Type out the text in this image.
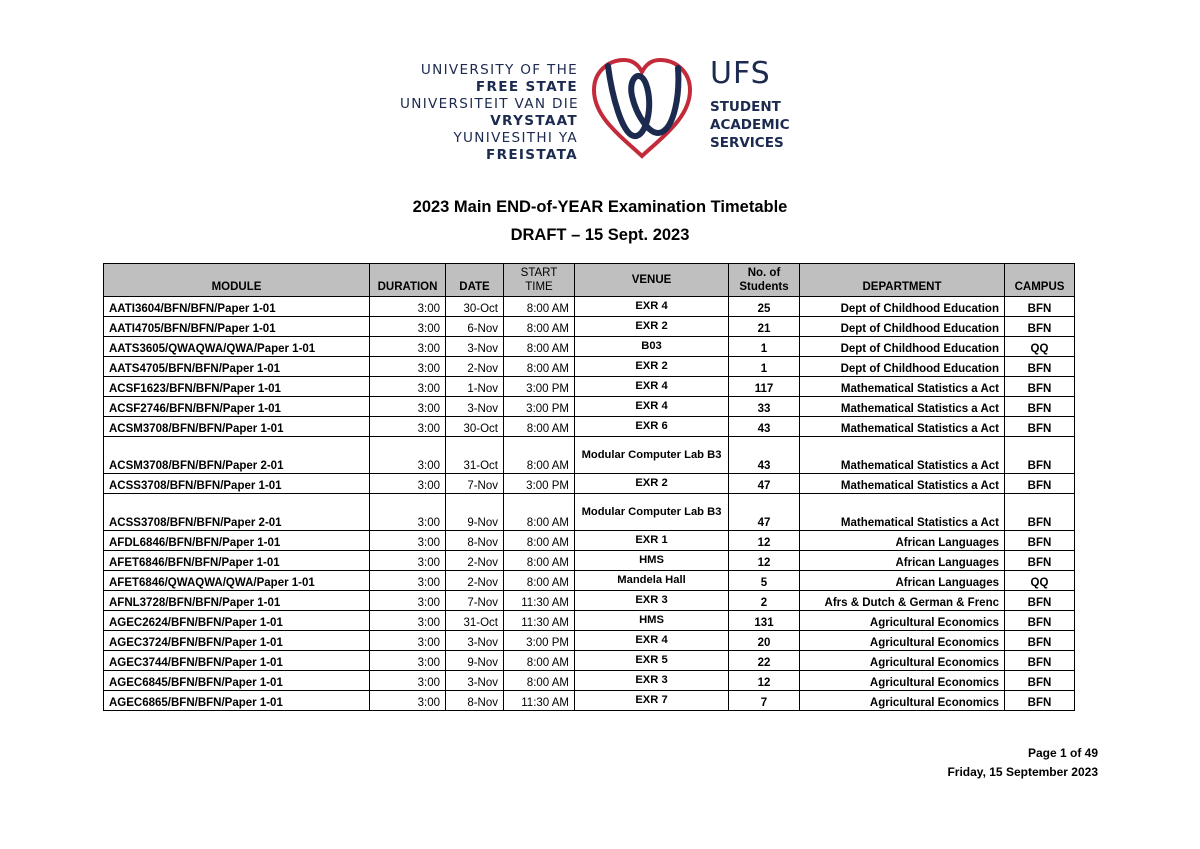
UNIVERSITY OF THE
FREE STATE
UNIVERSITEIT VAN DIE
VRYSTAAT
YUNIVESITHI YA
FREISTATA
UFS
STUDENT ACADEMIC
SERVICES
2023 Main END-of-YEAR Examination Timetable
DRAFT – 15 Sept. 2023
MODULE	DURATION	DATE	START TIME	VENUE	No. of Students	DEPARTMENT	CAMPUS
AATI3604/BFN/BFN/Paper 1-01	3:00	30-Oct	8:00 AM	EXR 4	25	Dept of Childhood Education	BFN
AATI4705/BFN/BFN/Paper 1-01	3:00	6-Nov	8:00 AM	EXR 2	21	Dept of Childhood Education	BFN
AATS3605/QWAQWA/QWA/Paper 1-01	3:00	3-Nov	8:00 AM	B03	1	Dept of Childhood Education	QQ
AATS4705/BFN/BFN/Paper 1-01	3:00	2-Nov	8:00 AM	EXR 2	1	Dept of Childhood Education	BFN
ACSF1623/BFN/BFN/Paper 1-01	3:00	1-Nov	3:00 PM	EXR 4	117	Mathematical Statistics a Act	BFN
ACSF2746/BFN/BFN/Paper 1-01	3:00	3-Nov	3:00 PM	EXR 4	33	Mathematical Statistics a Act	BFN
ACSM3708/BFN/BFN/Paper 1-01	3:00	30-Oct	8:00 AM	EXR 6	43	Mathematical Statistics a Act	BFN
ACSM3708/BFN/BFN/Paper 2-01	3:00	31-Oct	8:00 AM	Modular Computer Lab B3	43	Mathematical Statistics a Act	BFN
ACSS3708/BFN/BFN/Paper 1-01	3:00	7-Nov	3:00 PM	EXR 2	47	Mathematical Statistics a Act	BFN
ACSS3708/BFN/BFN/Paper 2-01	3:00	9-Nov	8:00 AM	Modular Computer Lab B3	47	Mathematical Statistics a Act	BFN
AFDL6846/BFN/BFN/Paper 1-01	3:00	8-Nov	8:00 AM	EXR 1	12	African Languages	BFN
AFET6846/BFN/BFN/Paper 1-01	3:00	2-Nov	8:00 AM	HMS	12	African Languages	BFN
AFET6846/QWAQWA/QWA/Paper 1-01	3:00	2-Nov	8:00 AM	Mandela Hall	5	African Languages	QQ
AFNL3728/BFN/BFN/Paper 1-01	3:00	7-Nov	11:30 AM	EXR 3	2	Afrs & Dutch & German & Frenc	BFN
AGEC2624/BFN/BFN/Paper 1-01	3:00	31-Oct	11:30 AM	HMS	131	Agricultural Economics	BFN
AGEC3724/BFN/BFN/Paper 1-01	3:00	3-Nov	3:00 PM	EXR 4	20	Agricultural Economics	BFN
AGEC3744/BFN/BFN/Paper 1-01	3:00	9-Nov	8:00 AM	EXR 5	22	Agricultural Economics	BFN
AGEC6845/BFN/BFN/Paper 1-01	3:00	3-Nov	8:00 AM	EXR 3	12	Agricultural Economics	BFN
AGEC6865/BFN/BFN/Paper 1-01	3:00	8-Nov	11:30 AM	EXR 7	7	Agricultural Economics	BFN
Page 1 of 49
Friday, 15 September 2023
